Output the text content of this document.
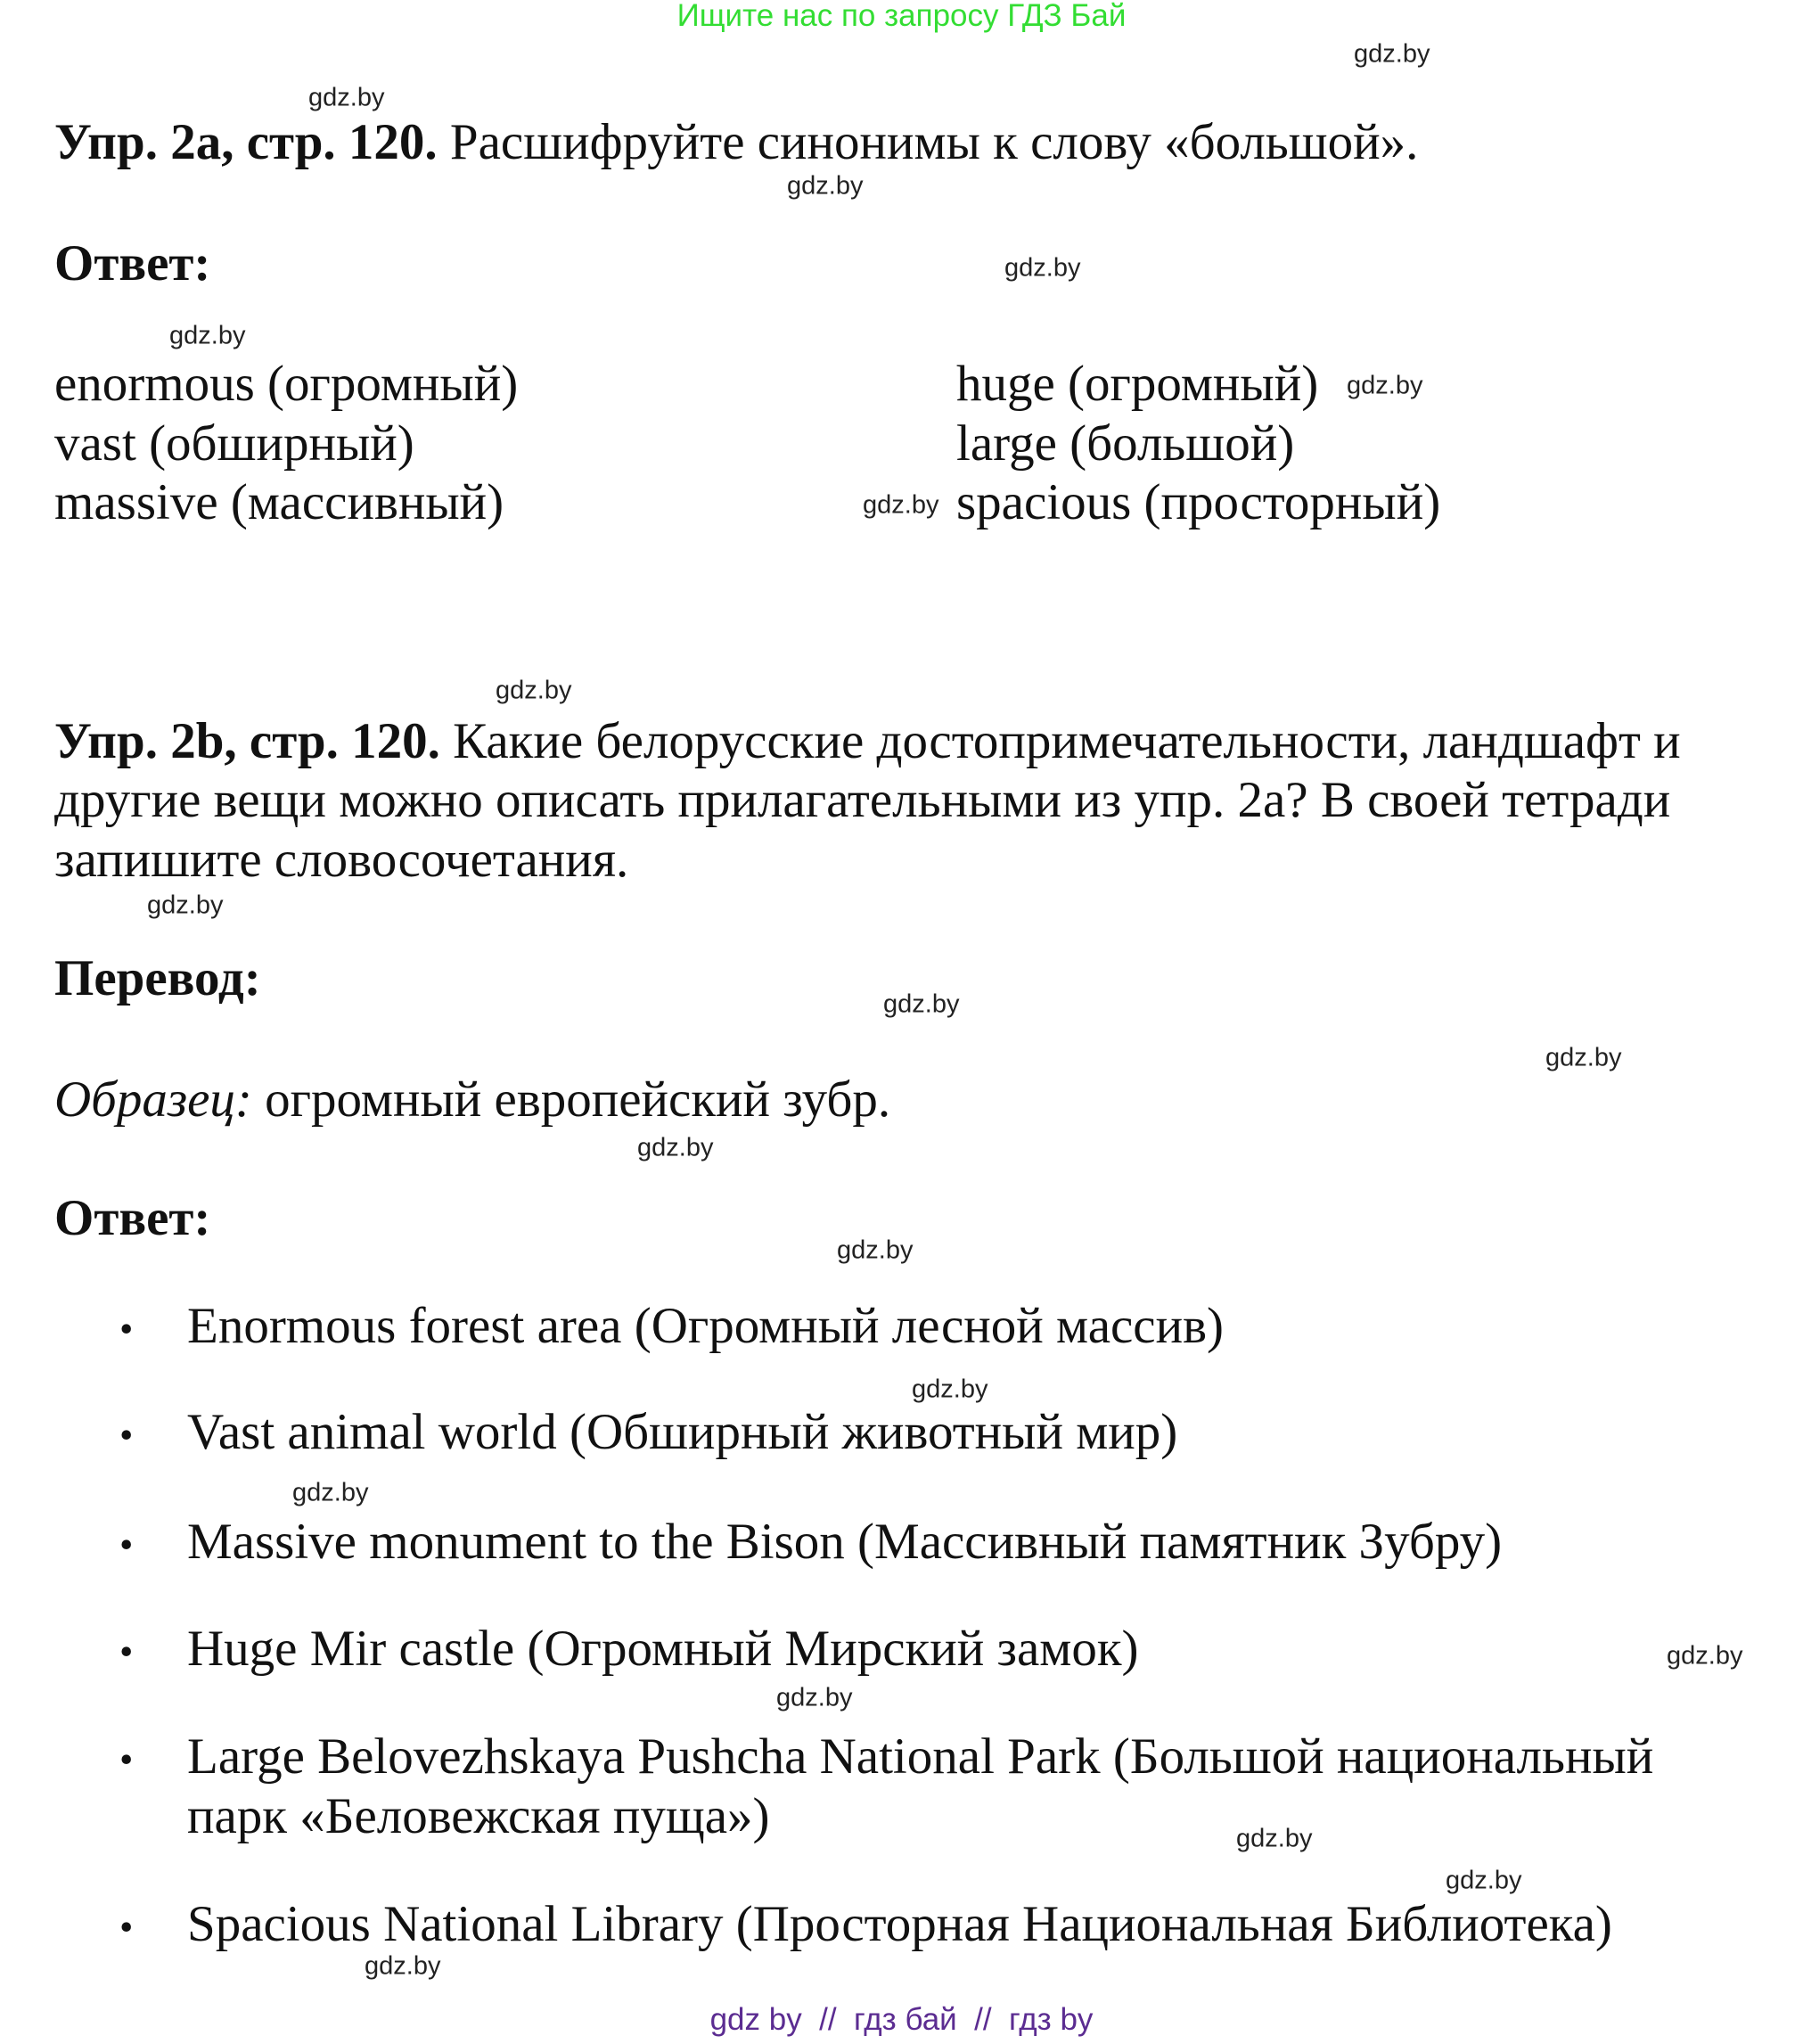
Ищите нас по запросу ГДЗ Бай
gdz.by
gdz.by
gdz.by
gdz.by
gdz.by
gdz.by
gdz.by
gdz.by
gdz.by
gdz.by
gdz.by
gdz.by
gdz.by
gdz.by
gdz.by
gdz.by
gdz.by
gdz.by
gdz.by
gdz.by
Упр. 2a, стр. 120. Расшифруйте синонимы к слову «большой».
Ответ:
enormous (огромный)
vast (обширный)
massive (массивный)
huge (огромный)
large (большой)
spacious (просторный)
Упр. 2b, стр. 120. Какие белорусские достопримечательности, ландшафт и
другие вещи можно описать прилагательными из упр. 2a? В своей тетради
запишите словосочетания.
Перевод:
Образец: огромный европейский зубр.
Ответ:
• Enormous forest area (Огромный лесной массив)
• Vast animal world (Обширный животный мир)
• Massive monument to the Bison (Массивный памятник Зубру)
• Huge Mir castle (Огромный Мирский замок)
• Large Belovezhskaya Pushcha National Park (Большой национальный
парк «Беловежская пуща»)
• Spacious National Library (Просторная Национальная Библиотека)
gdz by  //  гдз бай  //  гдз by
